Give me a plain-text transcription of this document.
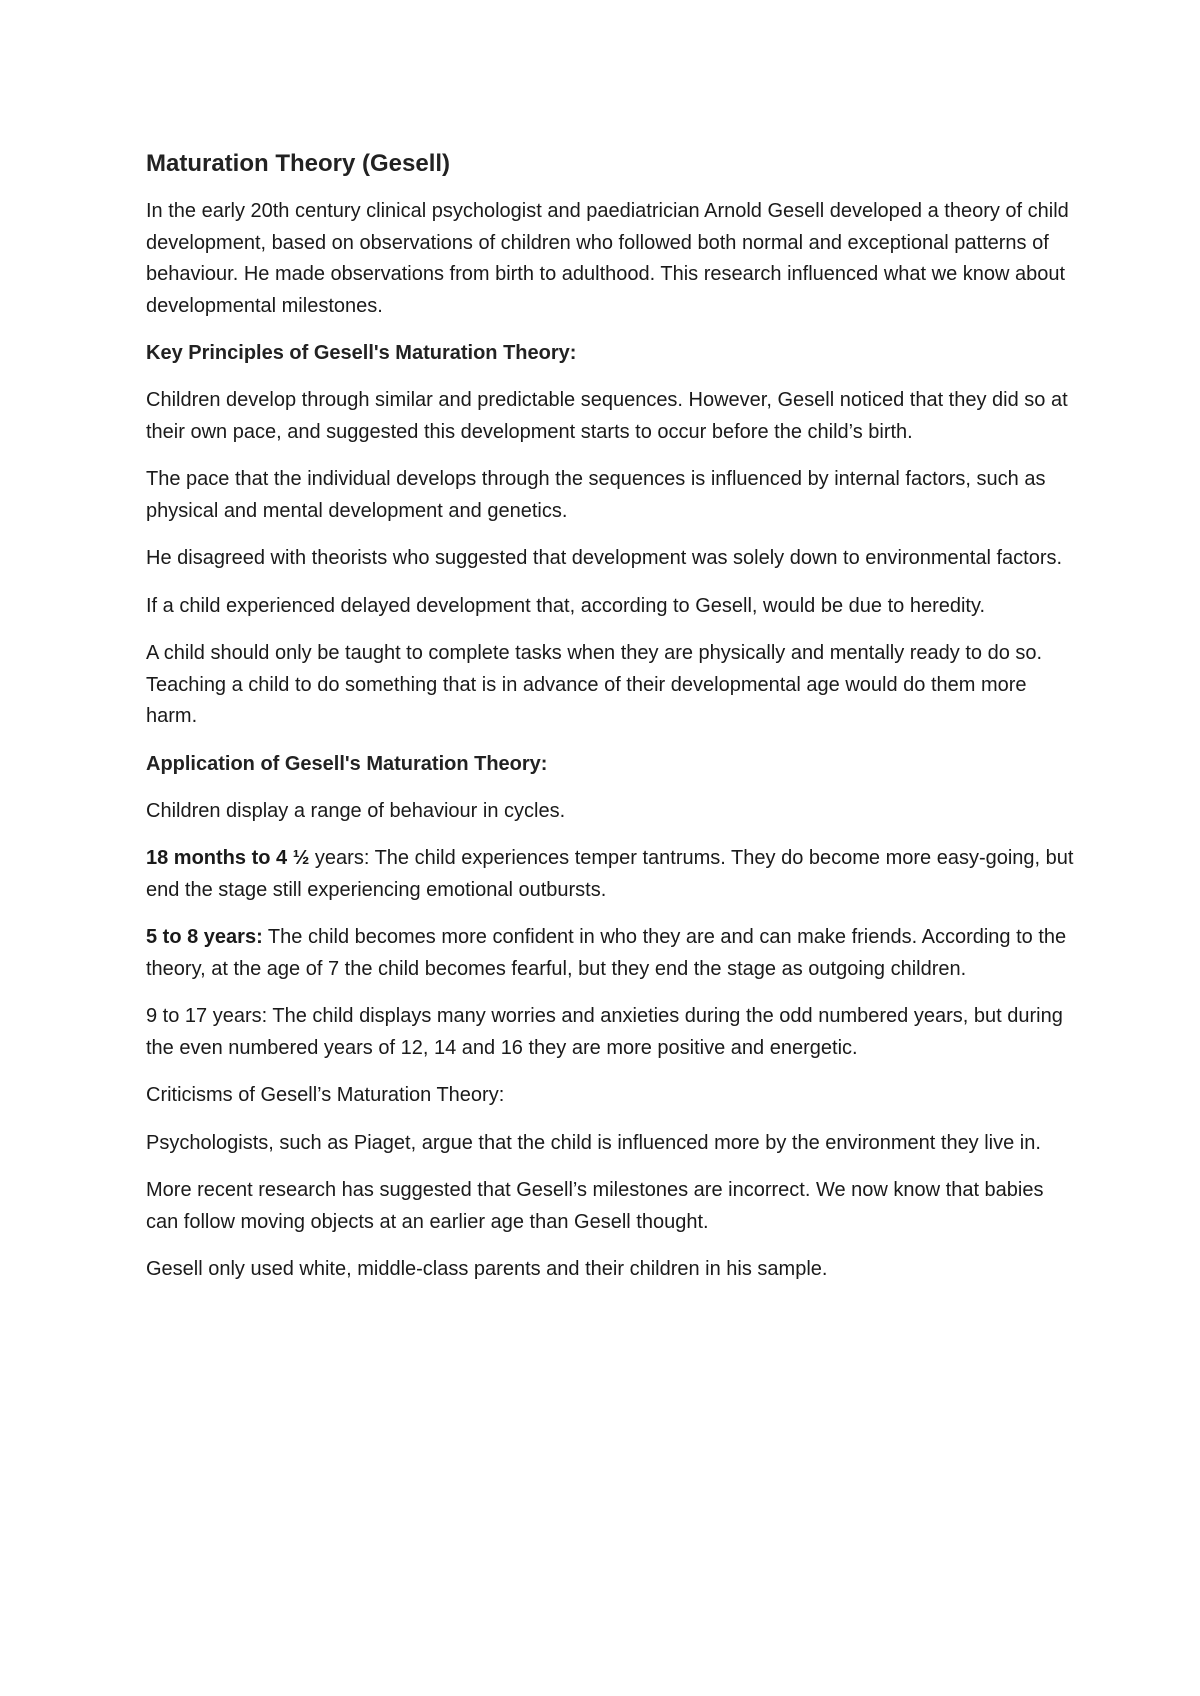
Maturation Theory (Gesell)

In the early 20th century clinical psychologist and paediatrician Arnold Gesell developed a theory of child development, based on observations of children who followed both normal and exceptional patterns of behaviour. He made observations from birth to adulthood. This research influenced what we know about developmental milestones.

Key Principles of Gesell's Maturation Theory:

Children develop through similar and predictable sequences. However, Gesell noticed that they did so at their own pace, and suggested this development starts to occur before the child’s birth.

The pace that the individual develops through the sequences is influenced by internal factors, such as physical and mental development and genetics.

He disagreed with theorists who suggested that development was solely down to environmental factors.

If a child experienced delayed development that, according to Gesell, would be due to heredity.

A child should only be taught to complete tasks when they are physically and mentally ready to do so. Teaching a child to do something that is in advance of their developmental age would do them more harm.

Application of Gesell's Maturation Theory:

Children display a range of behaviour in cycles.

18 months to 4 ½ years: The child experiences temper tantrums. They do become more easy-going, but end the stage still experiencing emotional outbursts.

5 to 8 years: The child becomes more confident in who they are and can make friends. According to the theory, at the age of 7 the child becomes fearful, but they end the stage as outgoing children.

9 to 17 years: The child displays many worries and anxieties during the odd numbered years, but during the even numbered years of 12, 14 and 16 they are more positive and energetic.

Criticisms of Gesell’s Maturation Theory:

Psychologists, such as Piaget, argue that the child is influenced more by the environment they live in.

More recent research has suggested that Gesell’s milestones are incorrect. We now know that babies can follow moving objects at an earlier age than Gesell thought.

Gesell only used white, middle-class parents and their children in his sample.
